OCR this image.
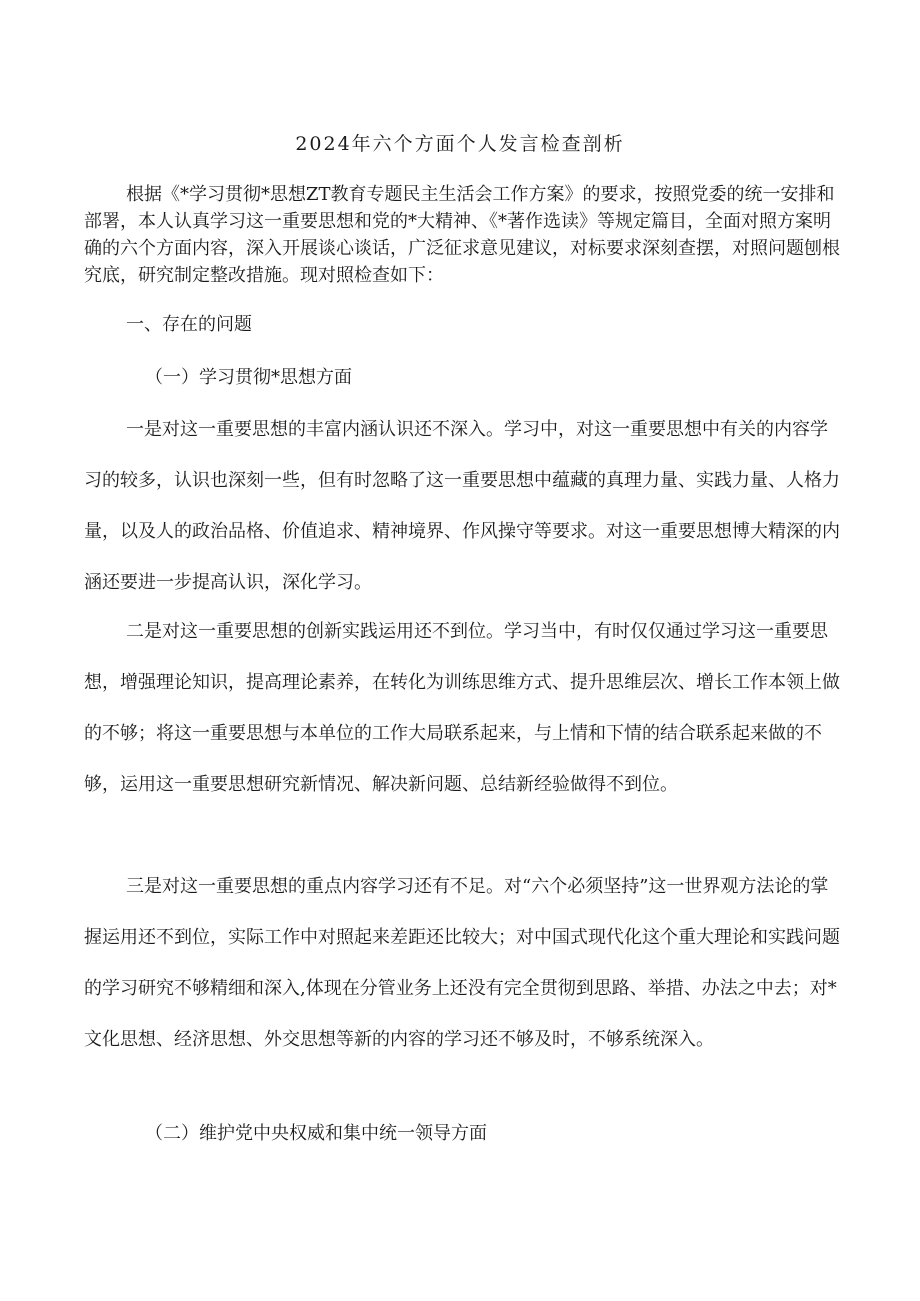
2024年六个方面个人发言检查剖析

根据《*学习贯彻*思想ZT教育专题民主生活会工作方案》的要求，按照党委的统一安排和部署，本人认真学习这一重要思想和党的*大精神、《*著作选读》等规定篇目，全面对照方案明确的六个方面内容，深入开展谈心谈话，广泛征求意见建议，对标要求深刻查摆，对照问题刨根究底，研究制定整改措施。现对照检查如下：

一、存在的问题

（一）学习贯彻*思想方面

一是对这一重要思想的丰富内涵认识还不深入。学习中，对这一重要思想中有关的内容学习的较多，认识也深刻一些，但有时忽略了这一重要思想中蕴藏的真理力量、实践力量、人格力量，以及人的政治品格、价值追求、精神境界、作风操守等要求。对这一重要思想博大精深的内涵还要进一步提高认识，深化学习。

二是对这一重要思想的创新实践运用还不到位。学习当中，有时仅仅通过学习这一重要思想，增强理论知识，提高理论素养，在转化为训练思维方式、提升思维层次、增长工作本领上做的不够；将这一重要思想与本单位的工作大局联系起来，与上情和下情的结合联系起来做的不够，运用这一重要思想研究新情况、解决新问题、总结新经验做得不到位。

三是对这一重要思想的重点内容学习还有不足。对“六个必须坚持”这一世界观方法论的掌握运用还不到位，实际工作中对照起来差距还比较大；对中国式现代化这个重大理论和实践问题的学习研究不够精细和深入,体现在分管业务上还没有完全贯彻到思路、举措、办法之中去；对*文化思想、经济思想、外交思想等新的内容的学习还不够及时，不够系统深入。

（二）维护党中央权威和集中统一领导方面
